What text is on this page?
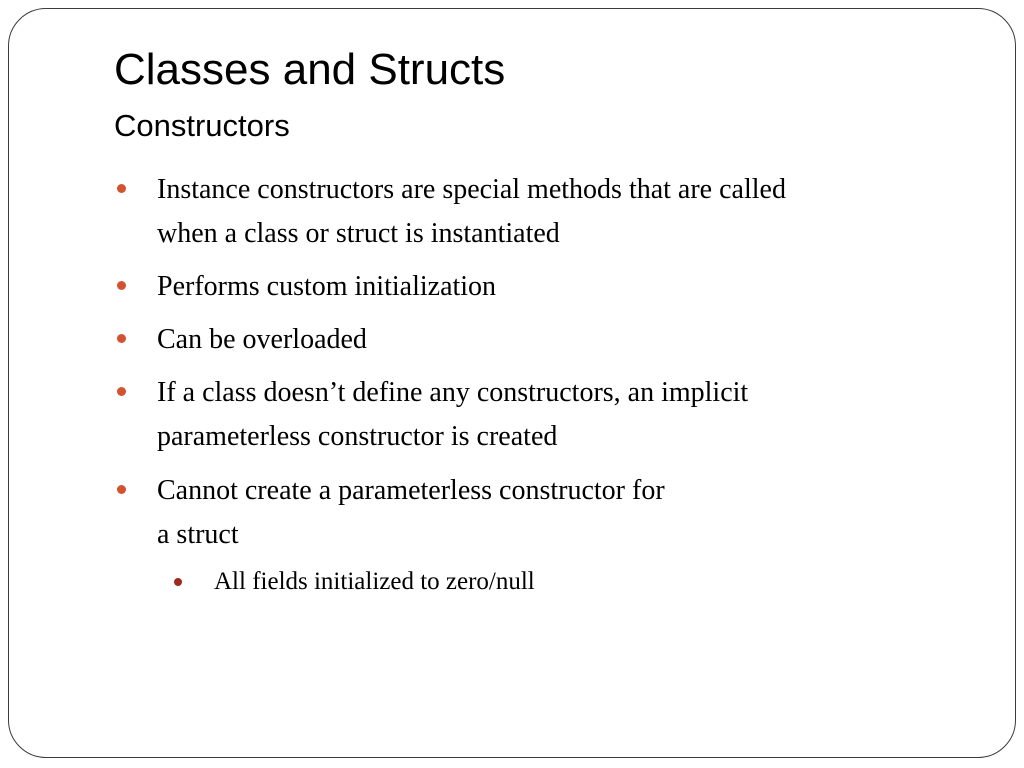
Classes and Structs
Constructors
Instance constructors are special methods that are called
when a class or struct is instantiated
Performs custom initialization
Can be overloaded
If a class doesn’t define any constructors, an implicit
parameterless constructor is created
Cannot create a parameterless constructor for
a struct
All fields initialized to zero/null
